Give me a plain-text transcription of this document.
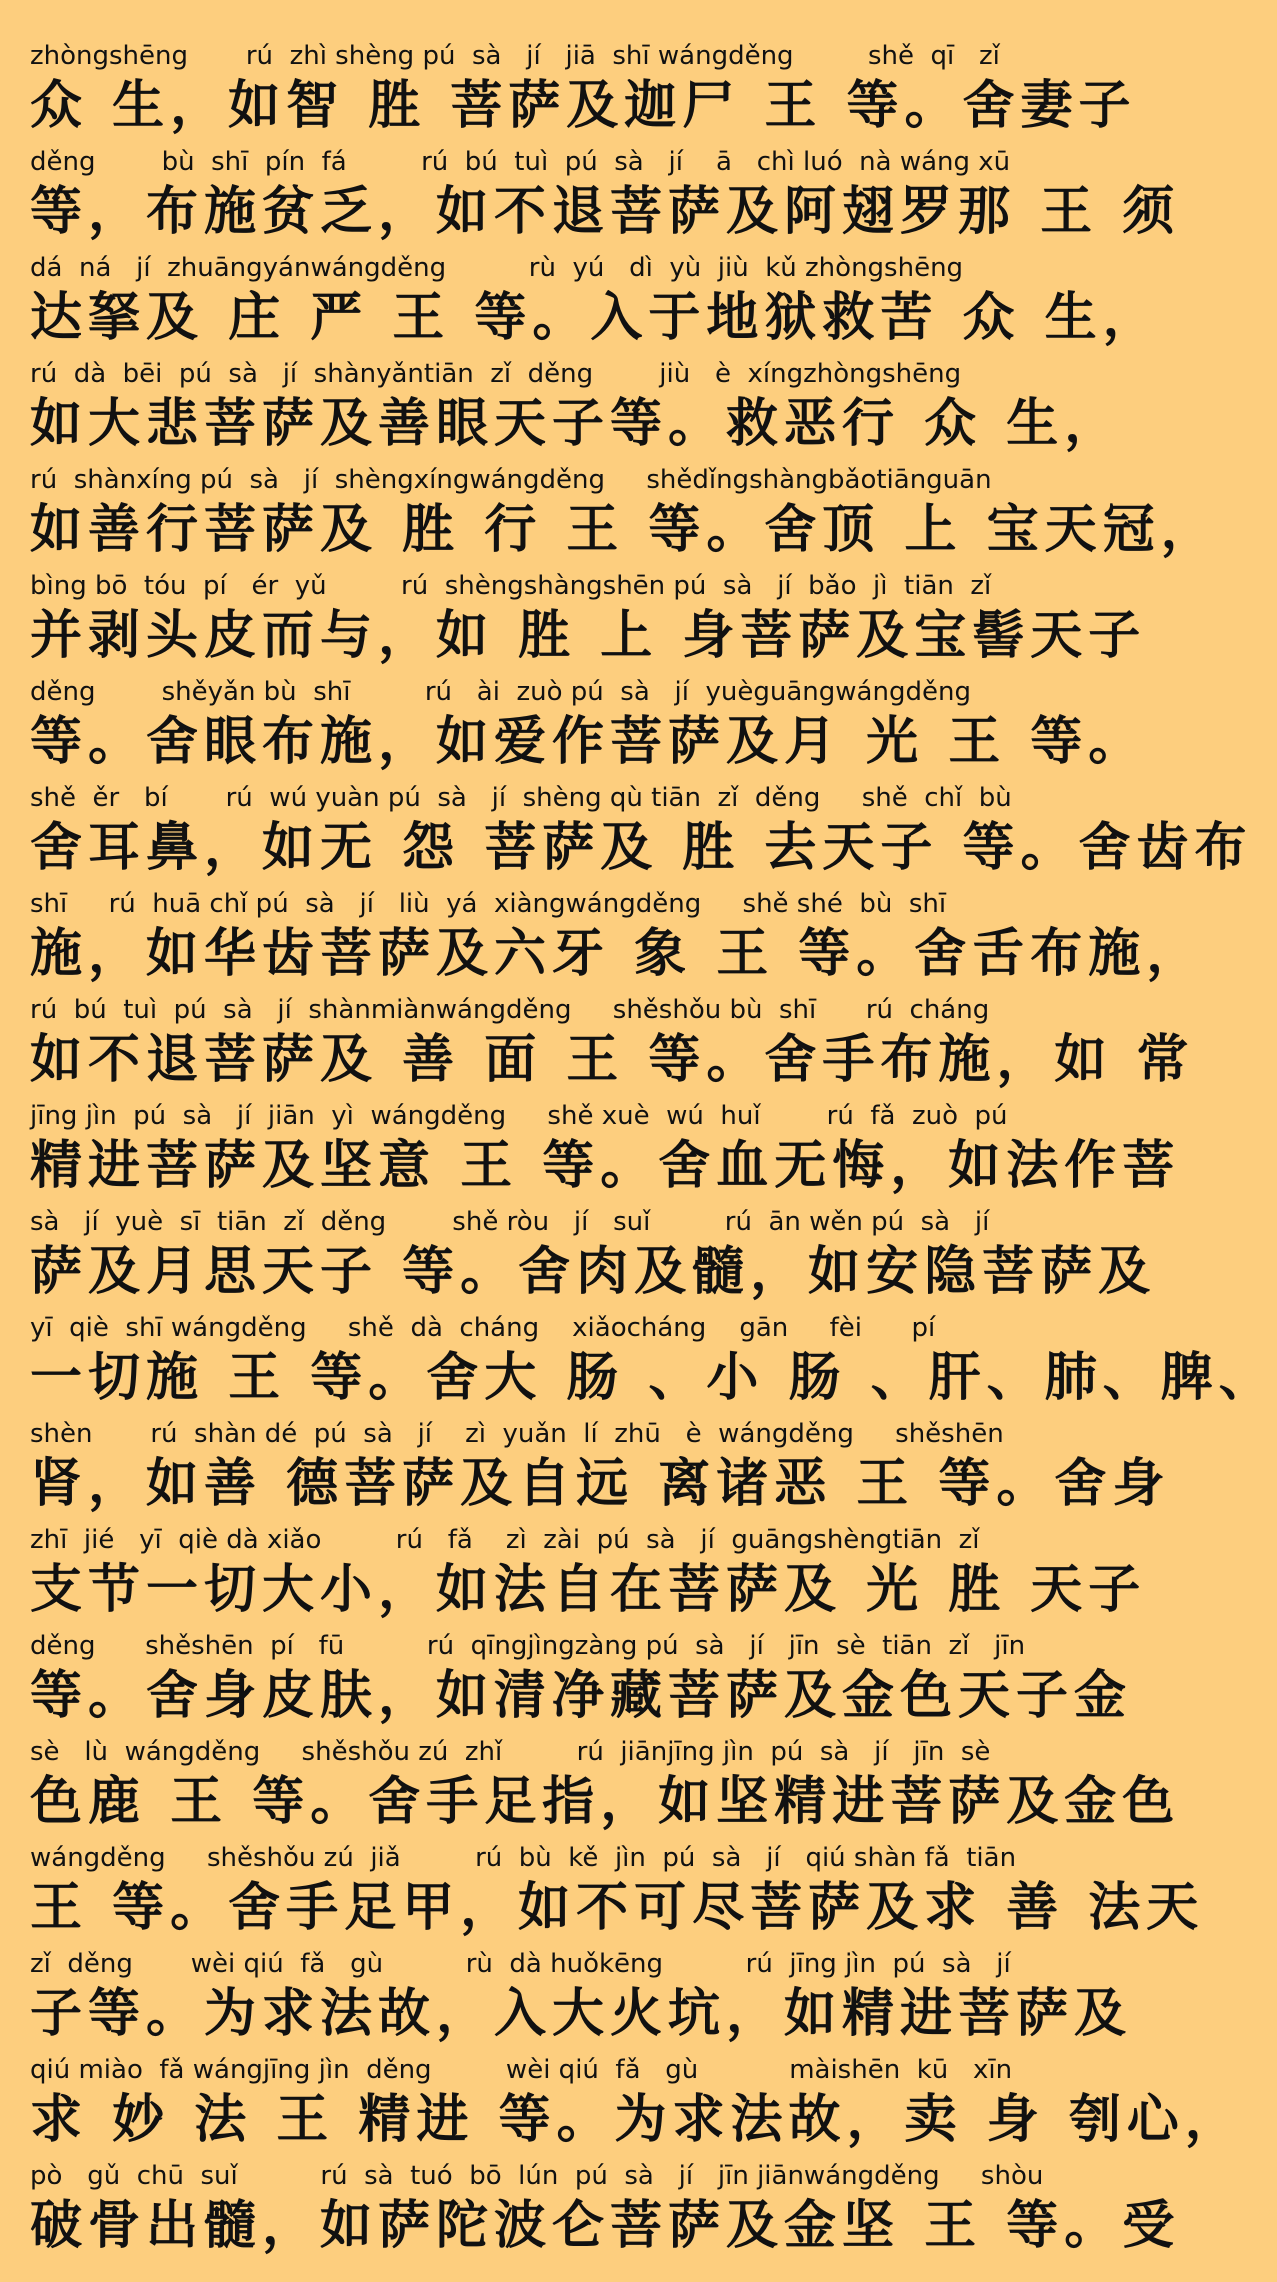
zhòngshēng       rú  zhì shèng pú  sà   jí   jiā  shī wángděng         shě  qī   zǐ
众 生，如智 胜 菩萨及迦尸 王 等。舍妻子
děng        bù  shī  pín  fá         rú  bú  tuì  pú  sà   jí    ā   chì luó  nà wáng xū
等，布施贫乏，如不退菩萨及阿翅罗那 王 须
dá  ná   jí  zhuāngyánwángděng          rù  yú   dì  yù  jiù  kǔ zhòngshēng
达拏及 庄 严 王 等。入于地狱救苦 众 生，
rú  dà  bēi  pú  sà   jí  shànyǎntiān  zǐ  děng        jiù   è  xíngzhòngshēng
如大悲菩萨及善眼天子等。救恶行 众 生，
rú  shànxíng pú  sà   jí  shèngxíngwángděng     shědǐngshàngbǎotiānguān
如善行菩萨及 胜 行 王 等。舍顶 上 宝天冠，
bìng bō  tóu  pí   ér  yǔ         rú  shèngshàngshēn pú  sà   jí  bǎo  jì  tiān  zǐ
并剥头皮而与，如 胜 上 身菩萨及宝髻天子
děng        shěyǎn bù  shī         rú   ài  zuò pú  sà   jí  yuèguāngwángděng
等。舍眼布施，如爱作菩萨及月 光 王 等。
shě  ěr   bí       rú  wú yuàn pú  sà   jí  shèng qù tiān  zǐ  děng     shě  chǐ  bù
舍耳鼻，如无 怨 菩萨及 胜 去天子 等。舍齿布
shī     rú  huā chǐ pú  sà   jí   liù  yá  xiàngwángděng     shě shé  bù  shī
施，如华齿菩萨及六牙 象 王 等。舍舌布施，
rú  bú  tuì  pú  sà   jí  shànmiànwángděng     shěshǒu bù  shī      rú  cháng
如不退菩萨及 善 面 王 等。舍手布施，如 常
jīng jìn  pú  sà   jí  jiān  yì  wángděng     shě xuè  wú  huǐ        rú  fǎ  zuò  pú
精进菩萨及坚意 王 等。舍血无悔，如法作菩
sà   jí  yuè  sī  tiān  zǐ  děng        shě ròu   jí   suǐ         rú  ān wěn pú  sà   jí
萨及月思天子 等。舍肉及髓，如安隐菩萨及
yī  qiè  shī wángděng     shě  dà  cháng    xiǎocháng    gān     fèi      pí
一切施 王 等。舍大 肠 、小 肠 、肝、肺、脾、
shèn       rú  shàn dé  pú  sà   jí    zì  yuǎn  lí  zhū   è  wángděng     shěshēn
肾，如善 德菩萨及自远 离诸恶 王 等。舍身
zhī  jié   yī  qiè dà xiǎo         rú   fǎ    zì  zài  pú  sà   jí  guāngshèngtiān  zǐ
支节一切大小，如法自在菩萨及 光 胜 天子
děng      shěshēn  pí   fū          rú  qīngjìngzàng pú  sà   jí   jīn  sè  tiān  zǐ   jīn
等。舍身皮肤，如清净藏菩萨及金色天子金
sè   lù  wángděng     shěshǒu zú  zhǐ         rú  jiānjīng jìn  pú  sà   jí   jīn  sè
色鹿 王 等。舍手足指，如坚精进菩萨及金色
wángděng     shěshǒu zú  jiǎ         rú  bù  kě  jìn  pú  sà   jí   qiú shàn fǎ  tiān
王 等。舍手足甲，如不可尽菩萨及求 善 法天
zǐ  děng       wèi qiú  fǎ   gù          rù  dà huǒkēng          rú  jīng jìn  pú  sà   jí
子等。为求法故，入大火坑，如精进菩萨及
qiú miào  fǎ wángjīng jìn  děng         wèi qiú  fǎ   gù           màishēn  kū   xīn
求 妙 法 王 精进 等。为求法故，卖 身 刳心，
pò   gǔ  chū  suǐ          rú  sà  tuó  bō  lún  pú  sà   jí   jīn jiānwángděng     shòu
破骨出髓，如萨陀波仑菩萨及金坚 王 等。受
